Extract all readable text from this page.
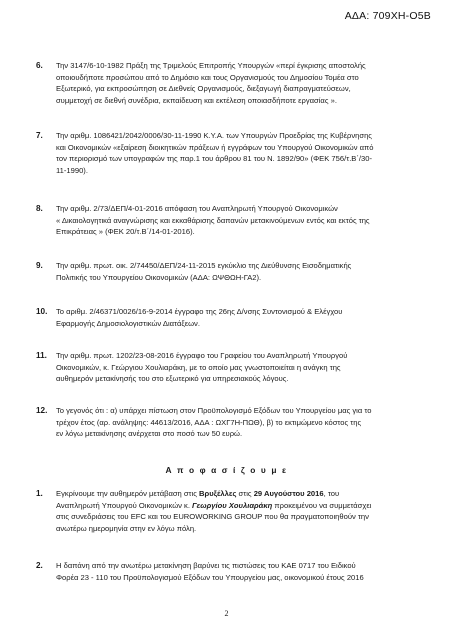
ΑΔΑ: 709ΧΗ-Ο5Β
6. Την 3147/6-10-1982 Πράξη της Τριμελούς Επιτροπής Υπουργών «περί έγκρισης αποστολής
οποιουδήποτε προσώπου από το Δημόσιο και τους Οργανισμούς του Δημοσίου Τομέα στο
Εξωτερικό, για εκπροσώπηση σε Διεθνείς Οργανισμούς, διεξαγωγή διαπραγματεύσεων,
συμμετοχή σε διεθνή συνέδρια, εκπαίδευση και εκτέλεση οποιασδήποτε εργασίας ».
7. Την αριθμ. 1086421/2042/0006/30-11-1990 Κ.Υ.Α. των Υπουργών Προεδρίας της Κυβέρνησης
και Οικονομικών «εξαίρεση διοικητικών πράξεων ή εγγράφων του Υπουργού Οικονομικών από
τον περιορισμό των υπογραφών της παρ.1 του άρθρου 81 του Ν. 1892/90» (ΦΕΚ 756/τ.Β΄/30-
11-1990).
8. Την αριθμ. 2/73/ΔΕΠ/4-01-2016 απόφαση του Αναπληρωτή Υπουργού Οικονομικών
« Δικαιολογητικά αναγνώρισης και εκκαθάρισης δαπανών μετακινούμενων εντός και εκτός της
Επικράτειας » (ΦΕΚ 20/τ.Β΄/14-01-2016).
9. Την αριθμ. πρωτ. οικ. 2/74450/ΔΕΠ/24-11-2015 εγκύκλιο της Διεύθυνσης Εισοδηματικής
Πολιτικής του Υπουργείου Οικονομικών (ΑΔΑ: ΩΨΘΩΗ-ΓΑ2).
10. Το αριθμ. 2/46371/0026/16-9-2014 έγγραφο της 26ης Δ/νσης Συντονισμού & Ελέγχου
Εφαρμογής Δημοσιολογιστικών Διατάξεων.
11. Την αριθμ. πρωτ. 1202/23-08-2016 έγγραφο του Γραφείου του Αναπληρωτή Υπουργού
Οικονομικών, κ. Γεώργιου Χουλιαράκη, με το οποίο μας γνωστοποιείται η ανάγκη της
αυθημερόν μετακίνησής του στο εξωτερικό για υπηρεσιακούς λόγους.
12. Το γεγονός ότι : α) υπάρχει πίστωση στον Προϋπολογισμό Εξόδων του Υπουργείου μας για το
τρέχον έτος (αρ. ανάληψης: 44613/2016, ΑΔΑ : ΩΧΓ7Η-ΠΩΘ), β) το εκτιμώμενο κόστος της
εν λόγω μετακίνησης ανέρχεται στο ποσό των 50 ευρώ.
Α π ο φ α σ ί ζ ο υ μ ε
1. Εγκρίνουμε την αυθημερόν μετάβαση στις Βρυξέλλες στις 29 Αυγούστου 2016, του
Αναπληρωτή Υπουργού Οικονομικών κ. Γεωργίου Χουλιαράκη προκειμένου να συμμετάσχει
στις συνεδριάσεις του EFC και του EUROWORKING GROUP που θα πραγματοποιηθούν την
ανωτέρω ημερομηνία στην εν λόγω πόλη.
2. Η δαπάνη από την ανωτέρω μετακίνηση βαρύνει τις πιστώσεις του ΚΑΕ 0717 του Ειδικού
Φορέα 23 - 110 του Προϋπολογισμού Εξόδων του Υπουργείου μας, οικονομικού έτους 2016
2
